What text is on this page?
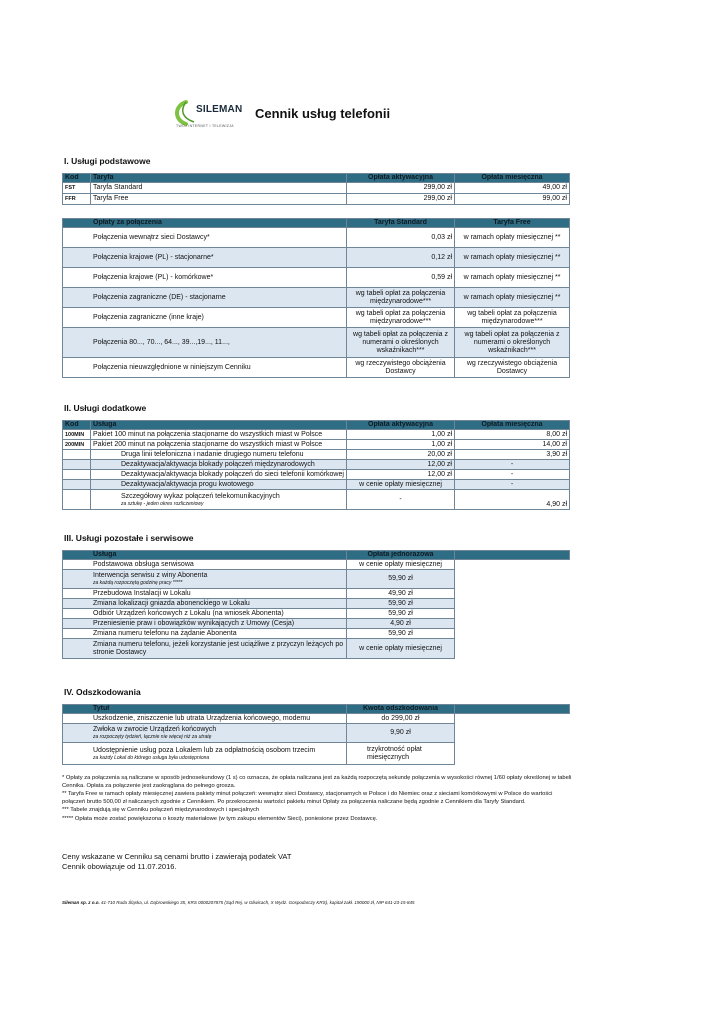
SILEMAN
TWÓJ INTERNET I TELEWIZJA
Cennik usług telefonii
I. Usługi podstawowe
Kod	Taryfa	Opłata aktywacyjna	Opłata miesięczna
FST	Taryfa Standard	299,00 zł	49,00 zł
FFR	Taryfa Free	299,00 zł	99,00 zł
Opłaty za połączenia	Taryfa Standard	Taryfa Free
Połączenia wewnątrz sieci Dostawcy*	0,03 zł	w ramach opłaty miesięcznej **
Połączenia krajowe (PL) - stacjonarne*	0,12 zł	w ramach opłaty miesięcznej **
Połączenia krajowe (PL) - komórkowe*	0,59 zł	w ramach opłaty miesięcznej **
Połączenia zagraniczne (DE) - stacjonarne	wg tabeli opłat za połączenia międzynarodowe***	w ramach opłaty miesięcznej **
Połączenia zagraniczne (inne kraje)	wg tabeli opłat za połączenia międzynarodowe***	wg tabeli opłat za połączenia międzynarodowe***
Połączenia 80..., 70..., 64..., 39...,19..., 11...,	wg tabeli opłat za połączenia z numerami o określonych wskaźnikach***	wg tabeli opłat za połączenia z numerami o określonych wskaźnikach***
Połączenia nieuwzględnione w niniejszym Cenniku	wg rzeczywistego obciążenia Dostawcy	wg rzeczywistego obciążenia Dostawcy
II. Usługi dodatkowe
Kod	Usługa	Opłata aktywacyjna	Opłata miesięczna
100MIN	Pakiet 100 minut na połączenia stacjonarne do wszystkich miast w Polsce	1,00 zł	8,00 zł
200MIN	Pakiet 200 minut na połączenia stacjonarne do wszystkich miast w Polsce	1,00 zł	14,00 zł
	Druga linii telefoniczna i nadanie drugiego numeru telefonu	20,00 zł	3,90 zł
	Dezaktywacja/aktywacja blokady połączeń międzynarodowych	12,00 zł	-
	Dezaktywacja/aktywacja blokady połączeń do sieci telefonii komórkowej	12,00 zł	-
	Dezaktywacja/aktywacja progu kwotowego	w cenie opłaty miesięcznej	-
	Szczegółowy wykaz połączeń telekomunikacyjnych
za sztukę - jeden okres rozliczeniowy	-	4,90 zł
III. Usługi pozostałe i serwisowe
Usługa	Opłata jednorazowa	
Podstawowa obsługa serwisowa	w cenie opłaty miesięcznej	
Interwencja serwisu z winy Abonenta
za każdą rozpoczętą godzinę pracy *****	59,90 zł	
Przebudowa Instalacji w Lokalu	49,90 zł	
Zmiana lokalizacji gniazda abonenckiego w Lokalu	59,90 zł	
Odbiór Urządzeń końcowych z Lokalu (na wniosek Abonenta)	59,90 zł	
Przeniesienie praw i obowiązków wynikających z Umowy (Cesja)	4,90 zł	
Zmiana numeru telefonu na żądanie Abonenta	59,90 zł	
Zmiana numeru telefonu, jeżeli korzystanie jest uciążliwe z przyczyn leżących po stronie Dostawcy	w cenie opłaty miesięcznej	
IV. Odszkodowania
Tytuł	Kwota odszkodowania	
Uszkodzenie, zniszczenie lub utrata Urządzenia końcowego, modemu	do 299,00 zł	
Zwłoka w zwrocie Urządzeń końcowych
za rozpoczęty tydzień, łącznie nie więcej niż za utratę	9,90 zł	
Udostępnienie usług poza Lokalem lub za odpłatnością osobom trzecim
za każdy Lokal do którego usługa była udostępniona	trzykrotność opłat miesięcznych	

* Opłaty za połączenia są naliczane w sposób jednosekundowy (1 s) co oznacza, że opłata naliczana jest za każdą rozpoczętą sekundę połączenia w wysokości równej 1/60 opłaty określonej w tabeli Cennika. Opłata za połączenie jest zaokrąglana do pełnego grosza.

** Taryfa Free w ramach opłaty miesięcznej zawiera pakiety minut połączeń: wewnątrz sieci Dostawcy, stacjonarnych w Polsce i do Niemiec oraz z sieciami komórkowymi w Polsce do wartości połączeń brutto 500,00 zł naliczanych zgodnie z Cennikiem. Po przekroczeniu wartości pakietu minut Opłaty za połączenia naliczane będą zgodnie z Cennikiem dla Taryfy Standard.

*** Tabele znajdują się w Cenniku połączeń międzynarodowych i specjalnych

***** Opłata może zostać powiększona o koszty materiałowe (w tym zakupu elementów Sieci), poniesione przez Dostawcę.

Ceny wskazane w Cenniku są cenami brutto i zawierają podatek VAT
Cennik obowiązuje od 11.07.2016.
Sileman sp. z o.o. 41-710 Ruda Śląska, ul. Dąbrowskiego 35, KRS 0000207875 (Sąd Rej. w Gliwicach, X Wydz. Gospodarczy KRS), kapitał zakł. 190000 zł, NIP 641-23-15-845
